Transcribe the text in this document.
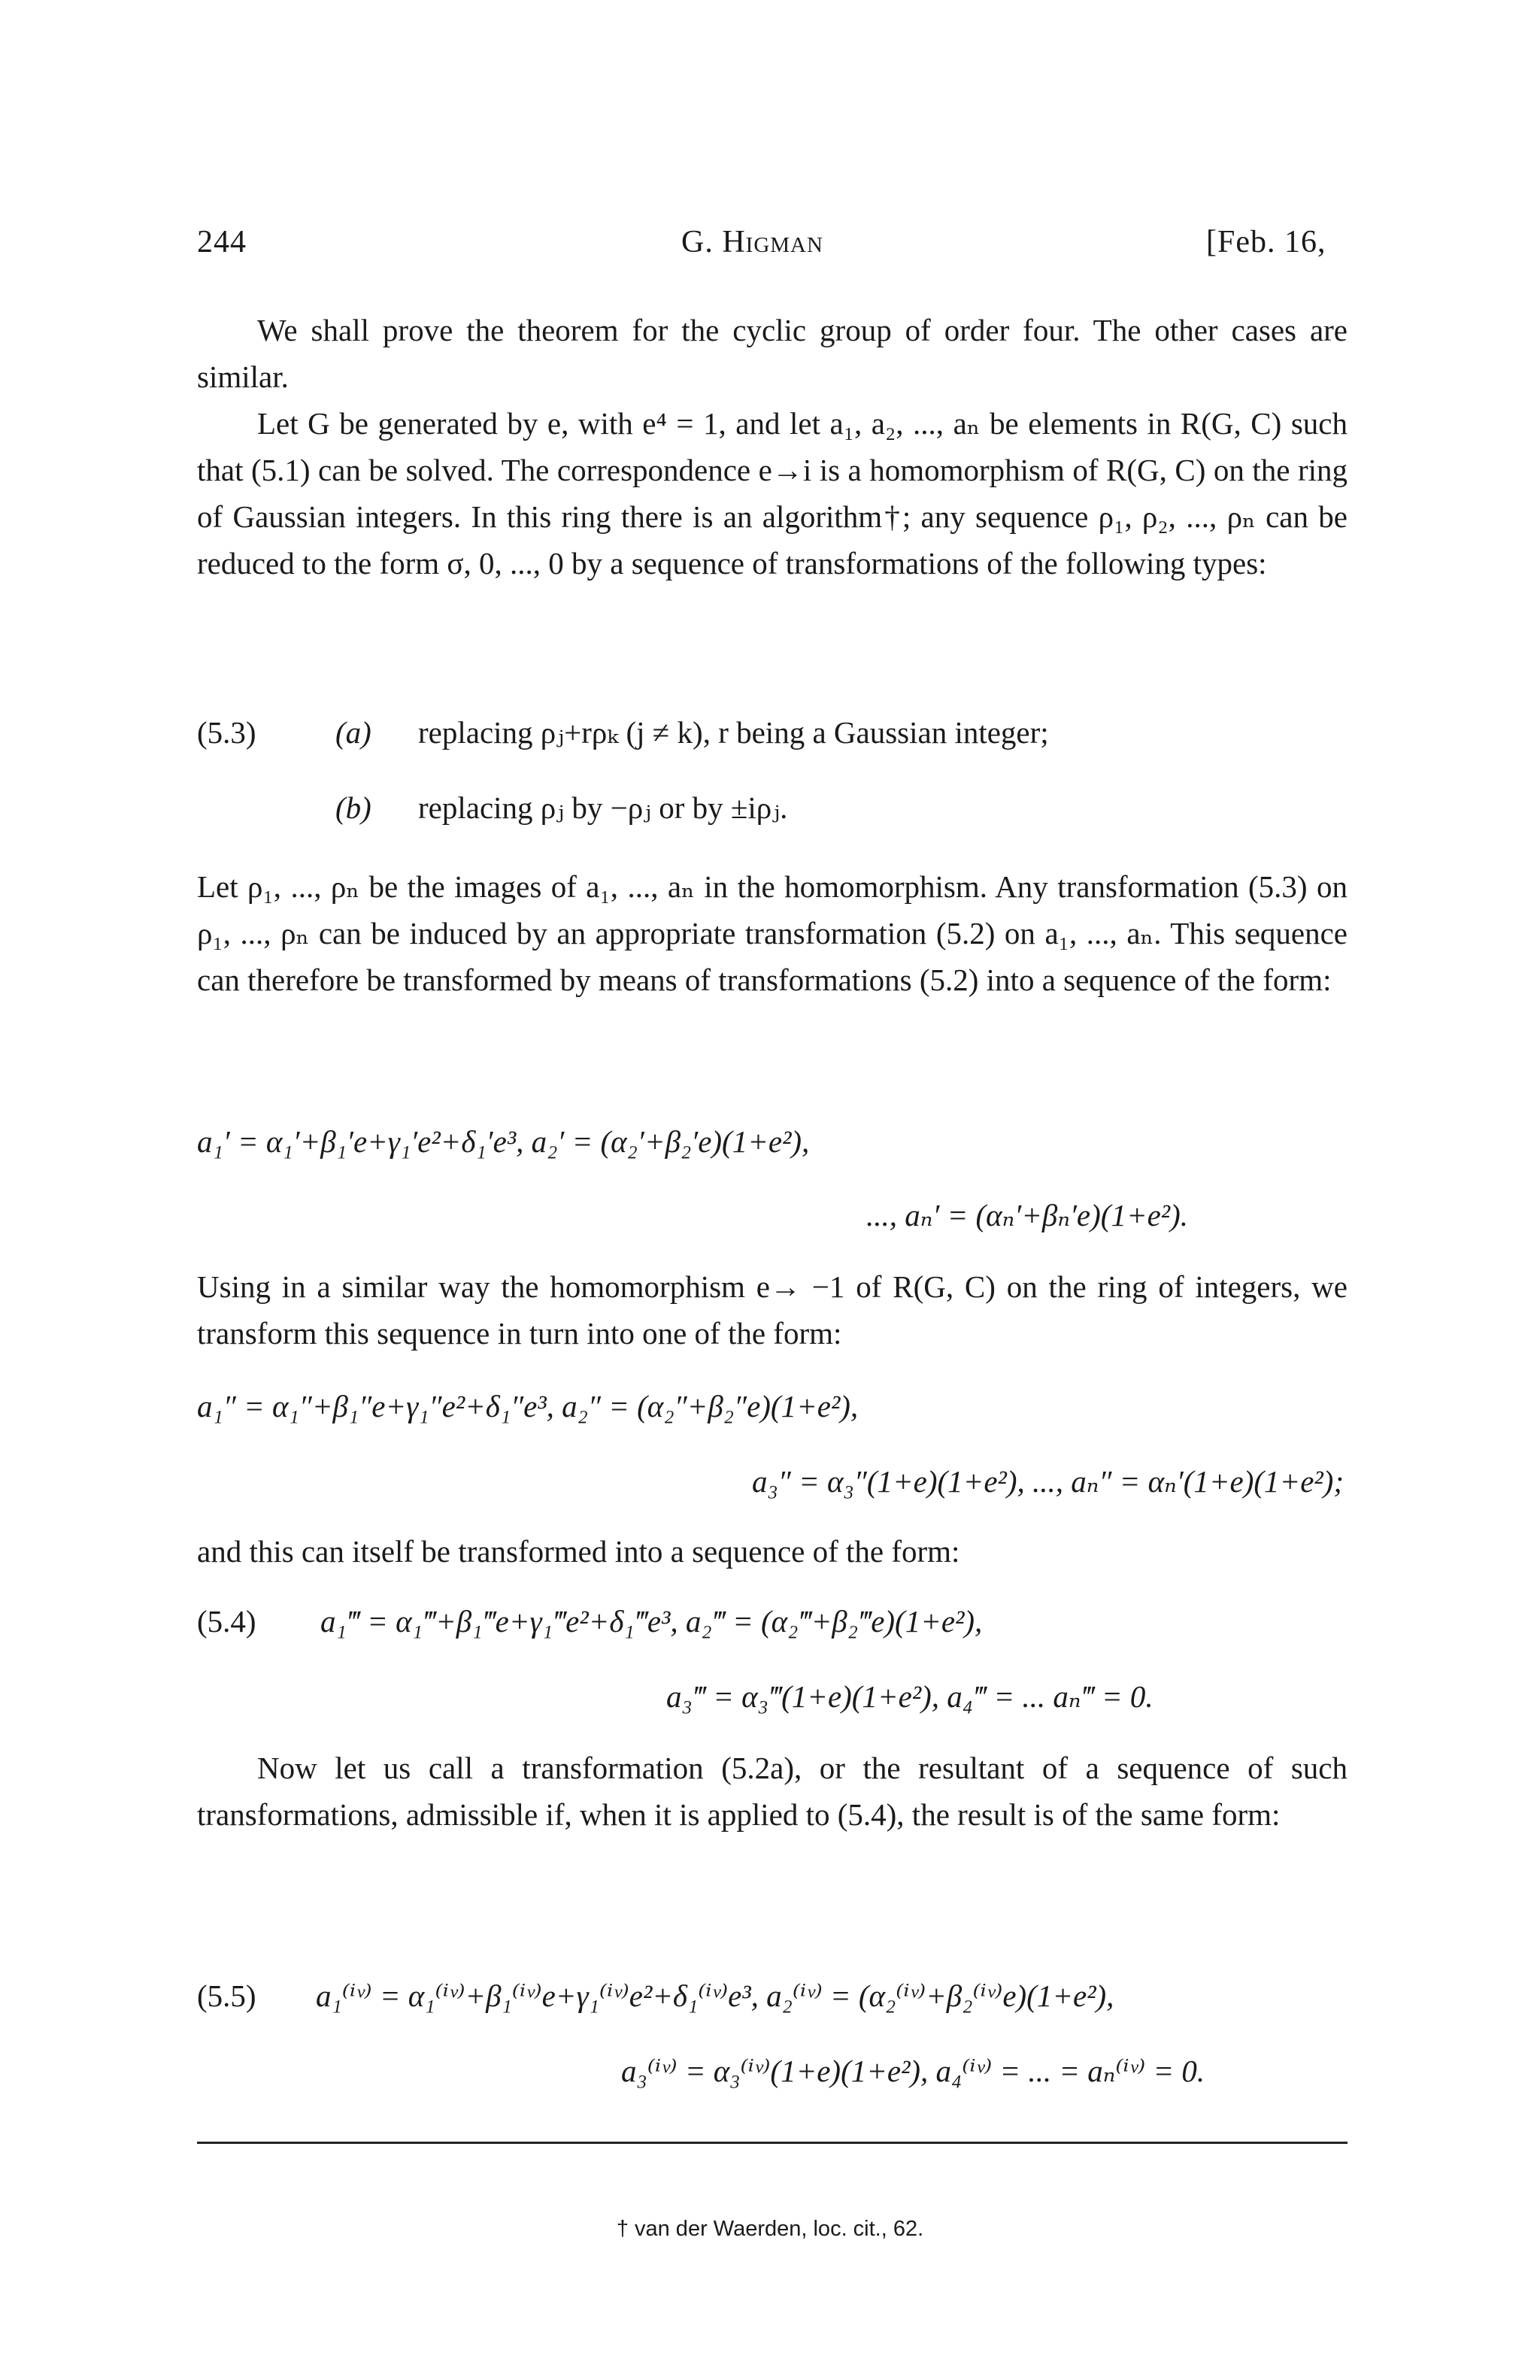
244	G. Higman	[Feb. 16,
We shall prove the theorem for the cyclic group of order four. The other cases are similar.
Let G be generated by e, with e⁴ = 1, and let a₁, a₂, ..., aₙ be elements in R(G, C) such that (5.1) can be solved. The correspondence e→i is a homomorphism of R(G, C) on the ring of Gaussian integers. In this ring there is an algorithm†; any sequence ρ₁, ρ₂, ..., ρₙ can be reduced to the form σ, 0, ..., 0 by a sequence of transformations of the following types:
(5.3)	(a) replacing ρⱼ+rρₖ (j ≠ k), r being a Gaussian integer;
(b) replacing ρⱼ by −ρⱼ or by ±iρⱼ.
Let ρ₁, ..., ρₙ be the images of a₁, ..., aₙ in the homomorphism. Any transformation (5.3) on ρ₁, ..., ρₙ can be induced by an appropriate transformation (5.2) on a₁, ..., aₙ. This sequence can therefore be transformed by means of transformations (5.2) into a sequence of the form:
a₁′ = α₁′+β₁′e+γ₁′e²+δ₁′e³, a₂′ = (α₂′+β₂′e)(1+e²),
..., aₙ′ = (αₙ′+βₙ′e)(1+e²).
Using in a similar way the homomorphism e→ −1 of R(G, C) on the ring of integers, we transform this sequence in turn into one of the form:
a₁″ = α₁″+β₁″e+γ₁″e²+δ₁″e³, a₂″ = (α₂″+β₂″e)(1+e²),
a₃″ = α₃″(1+e)(1+e²), ..., aₙ″ = αₙ′(1+e)(1+e²);
and this can itself be transformed into a sequence of the form:
(5.4) a₁‴ = α₁‴+β₁‴e+γ₁‴e²+δ₁‴e³, a₂‴ = (α₂‴+β₂‴e)(1+e²),
a₃‴ = α₃‴(1+e)(1+e²), a₄‴ = ... aₙ‴ = 0.
Now let us call a transformation (5.2a), or the resultant of a sequence of such transformations, admissible if, when it is applied to (5.4), the result is of the same form:
(5.5) a₁⁽ⁱᵛ⁾ = α₁⁽ⁱᵛ⁾+β₁⁽ⁱᵛ⁾e+γ₁⁽ⁱᵛ⁾e²+δ₁⁽ⁱᵛ⁾e³, a₂⁽ⁱᵛ⁾ = (α₂⁽ⁱᵛ⁾+β₂⁽ⁱᵛ⁾e)(1+e²),
a₃⁽ⁱᵛ⁾ = α₃⁽ⁱᵛ⁾(1+e)(1+e²), a₄⁽ⁱᵛ⁾ = ... = aₙ⁽ⁱᵛ⁾ = 0.
† van der Waerden, loc. cit., 62.
